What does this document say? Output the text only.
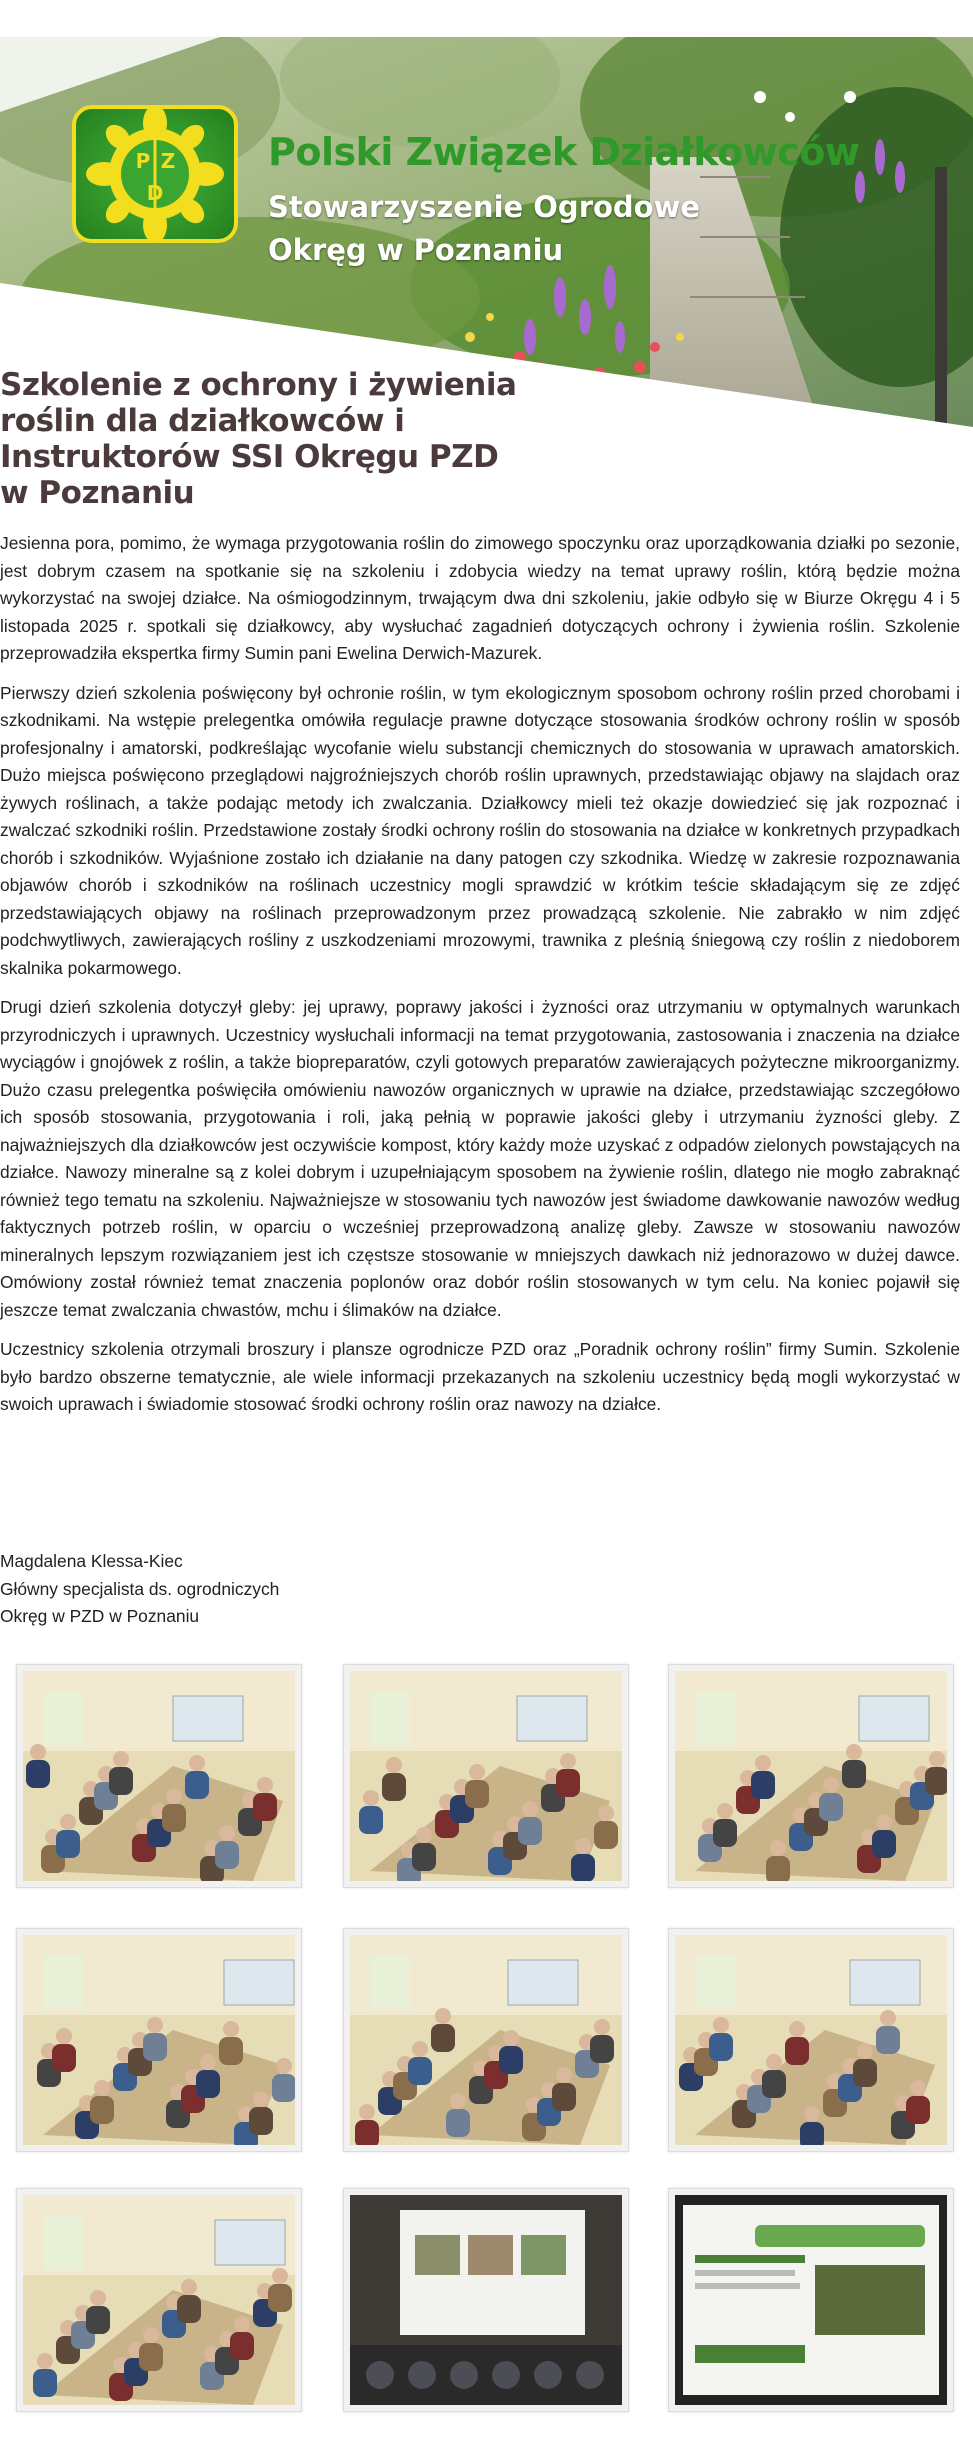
P Z
D
Polski Związek Działkowców
Stowarzyszenie Ogrodowe
Okręg w Poznaniu
Szkolenie z ochrony i żywienia roślin dla działkowców i Instruktorów SSI Okręgu PZD w Poznaniu

Jesienna pora, pomimo, że wymaga przygotowania roślin do zimowego spoczynku oraz uporządkowania działki po sezonie, jest dobrym czasem na spotkanie się na szkoleniu i zdobycia wiedzy na temat uprawy roślin, którą będzie można wykorzystać na swojej działce. Na ośmiogodzinnym, trwającym dwa dni szkoleniu, jakie odbyło się w Biurze Okręgu 4 i 5 listopada 2025 r. spotkali się działkowcy, aby wysłuchać zagadnień dotyczących ochrony i żywienia roślin. Szkolenie przeprowadziła ekspertka firmy Sumin pani Ewelina Derwich-Mazurek.

Pierwszy dzień szkolenia poświęcony był ochronie roślin, w tym ekologicznym sposobom ochrony roślin przed chorobami i szkodnikami. Na wstępie prelegentka omówiła regulacje prawne dotyczące stosowania środków ochrony roślin w sposób profesjonalny i amatorski, podkreślając wycofanie wielu substancji chemicznych do stosowania w uprawach amatorskich. Dużo miejsca poświęcono przeglądowi najgroźniejszych chorób roślin uprawnych, przedstawiając objawy na slajdach oraz żywych roślinach, a także podając metody ich zwalczania. Działkowcy mieli też okazje dowiedzieć się jak rozpoznać i zwalczać szkodniki roślin. Przedstawione zostały środki ochrony roślin do stosowania na działce w konkretnych przypadkach chorób i szkodników. Wyjaśnione zostało ich działanie na dany patogen czy szkodnika. Wiedzę w zakresie rozpoznawania objawów chorób i szkodników na roślinach uczestnicy mogli sprawdzić w krótkim teście składającym się ze zdjęć przedstawiających objawy na roślinach przeprowadzonym przez prowadzącą szkolenie. Nie zabrakło w nim zdjęć podchwytliwych, zawierających rośliny z uszkodzeniami mrozowymi, trawnika z pleśnią śniegową czy roślin z niedoborem skalnika pokarmowego.

Drugi dzień szkolenia dotyczył gleby: jej uprawy, poprawy jakości i żyzności oraz utrzymaniu w optymalnych warunkach przyrodniczych i uprawnych. Uczestnicy wysłuchali informacji na temat przygotowania, zastosowania i znaczenia na działce wyciągów i gnojówek z roślin, a także biopreparatów, czyli gotowych preparatów zawierających pożyteczne mikroorganizmy. Dużo czasu prelegentka poświęciła omówieniu nawozów organicznych w uprawie na działce, przedstawiając szczegółowo ich sposób stosowania, przygotowania i roli, jaką pełnią w poprawie jakości gleby i utrzymaniu żyzności gleby. Z najważniejszych dla działkowców jest oczywiście kompost, który każdy może uzyskać z odpadów zielonych powstających na działce. Nawozy mineralne są z kolei dobrym i uzupełniającym sposobem na żywienie roślin, dlatego nie mogło zabraknąć również tego tematu na szkoleniu. Najważniejsze w stosowaniu tych nawozów jest świadome dawkowanie nawozów według faktycznych potrzeb roślin, w oparciu o wcześniej przeprowadzoną analizę gleby. Zawsze w stosowaniu nawozów mineralnych lepszym rozwiązaniem jest ich częstsze stosowanie w mniejszych dawkach niż jednorazowo w dużej dawce. Omówiony został również temat znaczenia poplonów oraz dobór roślin stosowanych w tym celu. Na koniec pojawił się jeszcze temat zwalczania chwastów, mchu i ślimaków na działce.

Uczestnicy szkolenia otrzymali broszury i plansze ogrodnicze PZD oraz „Poradnik ochrony roślin” firmy Sumin. Szkolenie było bardzo obszerne tematycznie, ale wiele informacji przekazanych na szkoleniu uczestnicy będą mogli wykorzystać w swoich uprawach i świadomie stosować środki ochrony roślin oraz nawozy na działce.

Magdalena Klessa-Kiec
Główny specjalista ds. ogrodniczych
Okręg w PZD w Poznaniu
